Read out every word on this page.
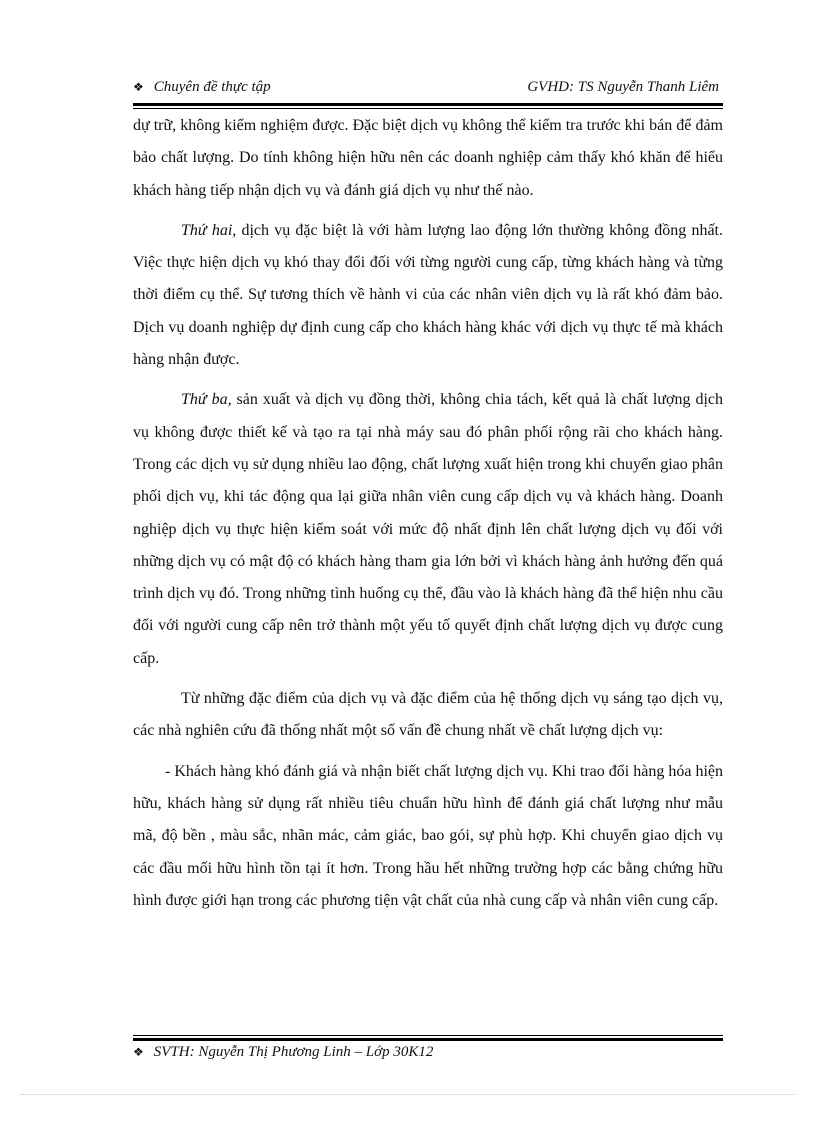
❖ Chuyên đề thực tập	GVHD: TS Nguyễn Thanh Liêm

dự trữ, không kiểm nghiệm được. Đặc biệt dịch vụ không thể kiểm tra trước khi bán để đảm bảo chất lượng. Do tính không hiện hữu nên các doanh nghiệp cảm thấy khó khăn để hiểu khách hàng tiếp nhận dịch vụ và đánh giá dịch vụ như thế nào.

Thứ hai, dịch vụ đặc biệt là với hàm lượng lao động lớn thường không đồng nhất. Việc thực hiện dịch vụ khó thay đổi đối với từng người cung cấp, từng khách hàng và từng thời điểm cụ thể. Sự tương thích về hành vi của các nhân viên dịch vụ là rất khó đảm bảo. Dịch vụ doanh nghiệp dự định cung cấp cho khách hàng khác với dịch vụ thực tế mà khách hàng nhận được.

Thứ ba, sản xuất và dịch vụ đồng thời, không chia tách, kết quả là chất lượng dịch vụ không được thiết kế và tạo ra tại nhà máy sau đó phân phối rộng rãi cho khách hàng. Trong các dịch vụ sử dụng nhiều lao động, chất lượng xuất hiện trong khi chuyển giao phân phối dịch vụ, khi tác động qua lại giữa nhân viên cung cấp dịch vụ và khách hàng. Doanh nghiệp dịch vụ thực hiện kiểm soát với mức độ nhất định lên chất lượng dịch vụ đối với những dịch vụ có mật độ có khách hàng tham gia lớn bởi vì khách hàng ảnh hưởng đến quá trình dịch vụ đó. Trong những tình huống cụ thể, đầu vào là khách hàng đã thể hiện nhu cầu đối với người cung cấp nên trở thành một yếu tố quyết định chất lượng dịch vụ được cung cấp.

Từ những đặc điểm của dịch vụ và đặc điểm của hệ thống dịch vụ sáng tạo dịch vụ, các nhà nghiên cứu đã thống nhất một số vấn đề chung nhất về chất lượng dịch vụ:

- Khách hàng khó đánh giá và nhận biết chất lượng dịch vụ. Khi trao đổi hàng hóa hiện hữu, khách hàng sử dụng rất nhiều tiêu chuẩn hữu hình để đánh giá chất lượng như mẫu mã, độ bền , màu sắc, nhãn mác, cảm giác, bao gói, sự phù hợp. Khi chuyển giao dịch vụ các đầu mối hữu hình tồn tại ít hơn. Trong hầu hết những trường hợp các bằng chứng hữu hình được giới hạn trong các phương tiện vật chất của nhà cung cấp và nhân viên cung cấp.

❖ SVTH: Nguyễn Thị Phương Linh – Lớp 30K12
